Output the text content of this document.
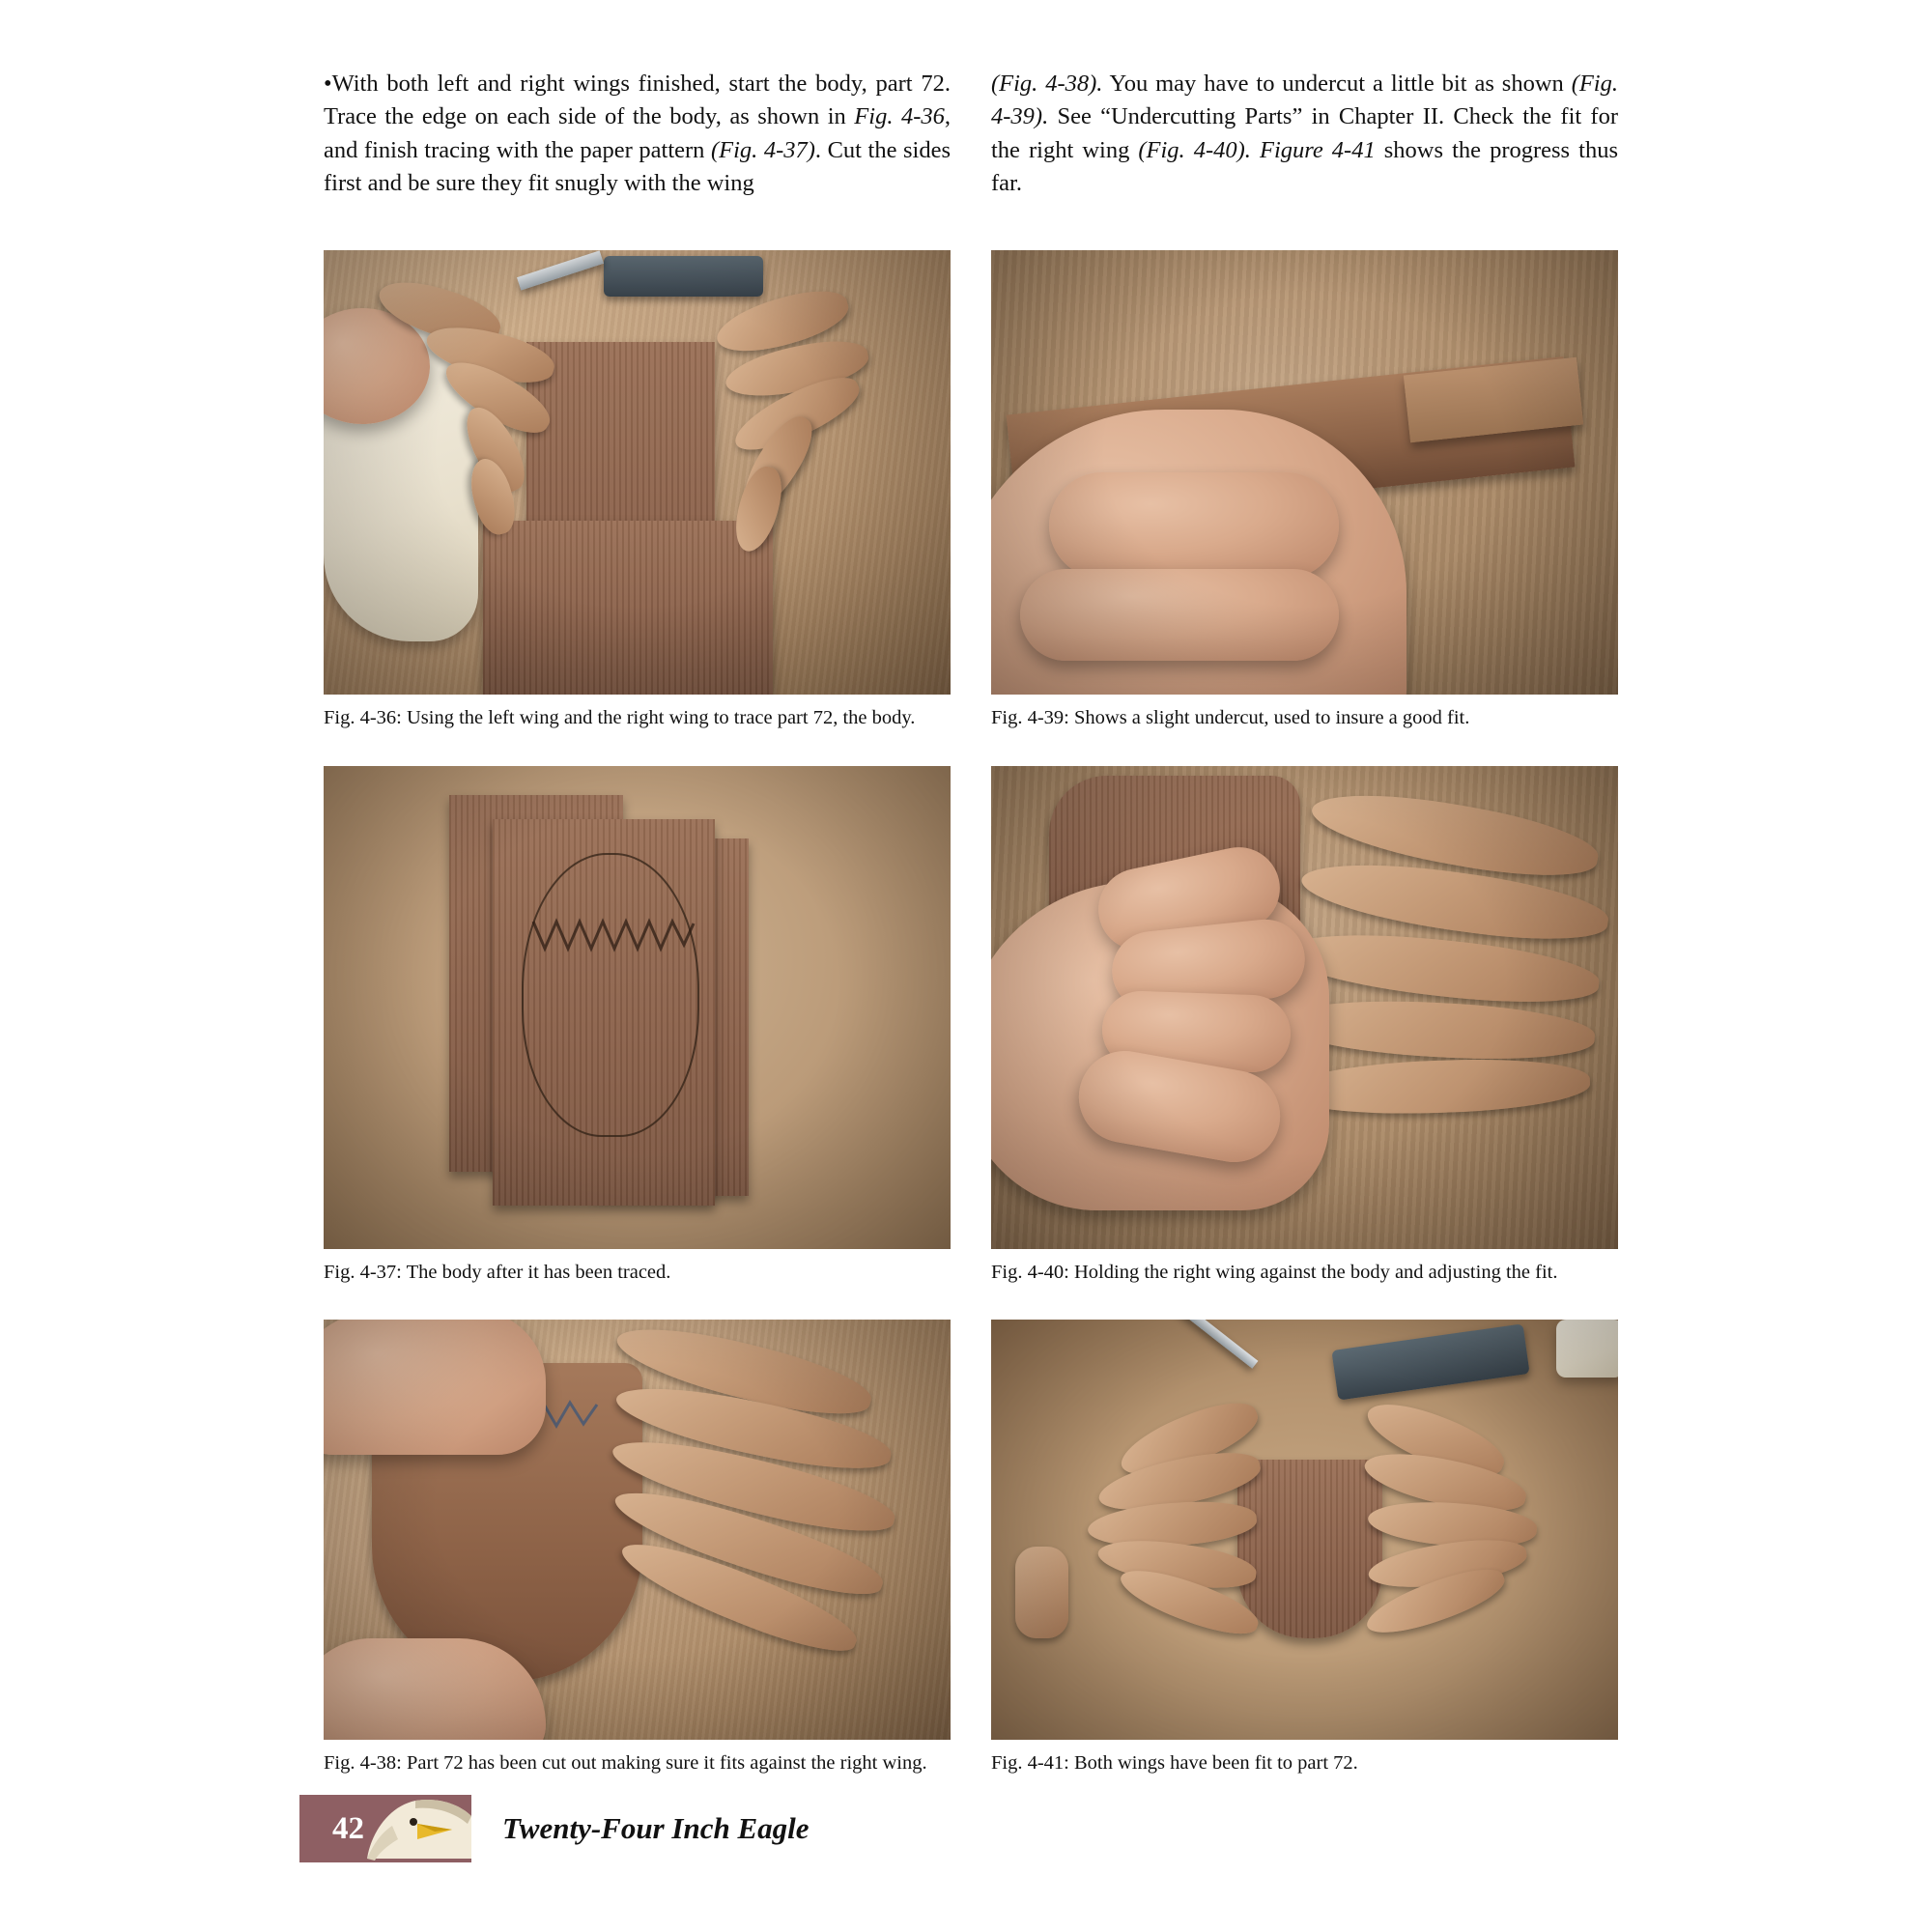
•With both left and right wings finished, start the body, part 72. Trace the edge on each side of the body, as shown in Fig. 4-36, and finish tracing with the paper pattern (Fig. 4-37). Cut the sides first and be sure they fit snugly with the wing

(Fig. 4-38). You may have to undercut a little bit as shown (Fig. 4-39). See “Undercutting Parts” in Chapter II. Check the fit for the right wing (Fig. 4-40). Figure 4-41 shows the progress thus far.

Fig. 4-36: Using the left wing and the right wing to trace part 72, the body.	Fig. 4-39: Shows a slight undercut, used to insure a good fit.
Fig. 4-37: The body after it has been traced.	Fig. 4-40: Holding the right wing against the body and adjusting the fit.
Fig. 4-38: Part 72 has been cut out making sure it fits against the right wing.	Fig. 4-41: Both wings have been fit to part 72.
42	Twenty-Four Inch Eagle
